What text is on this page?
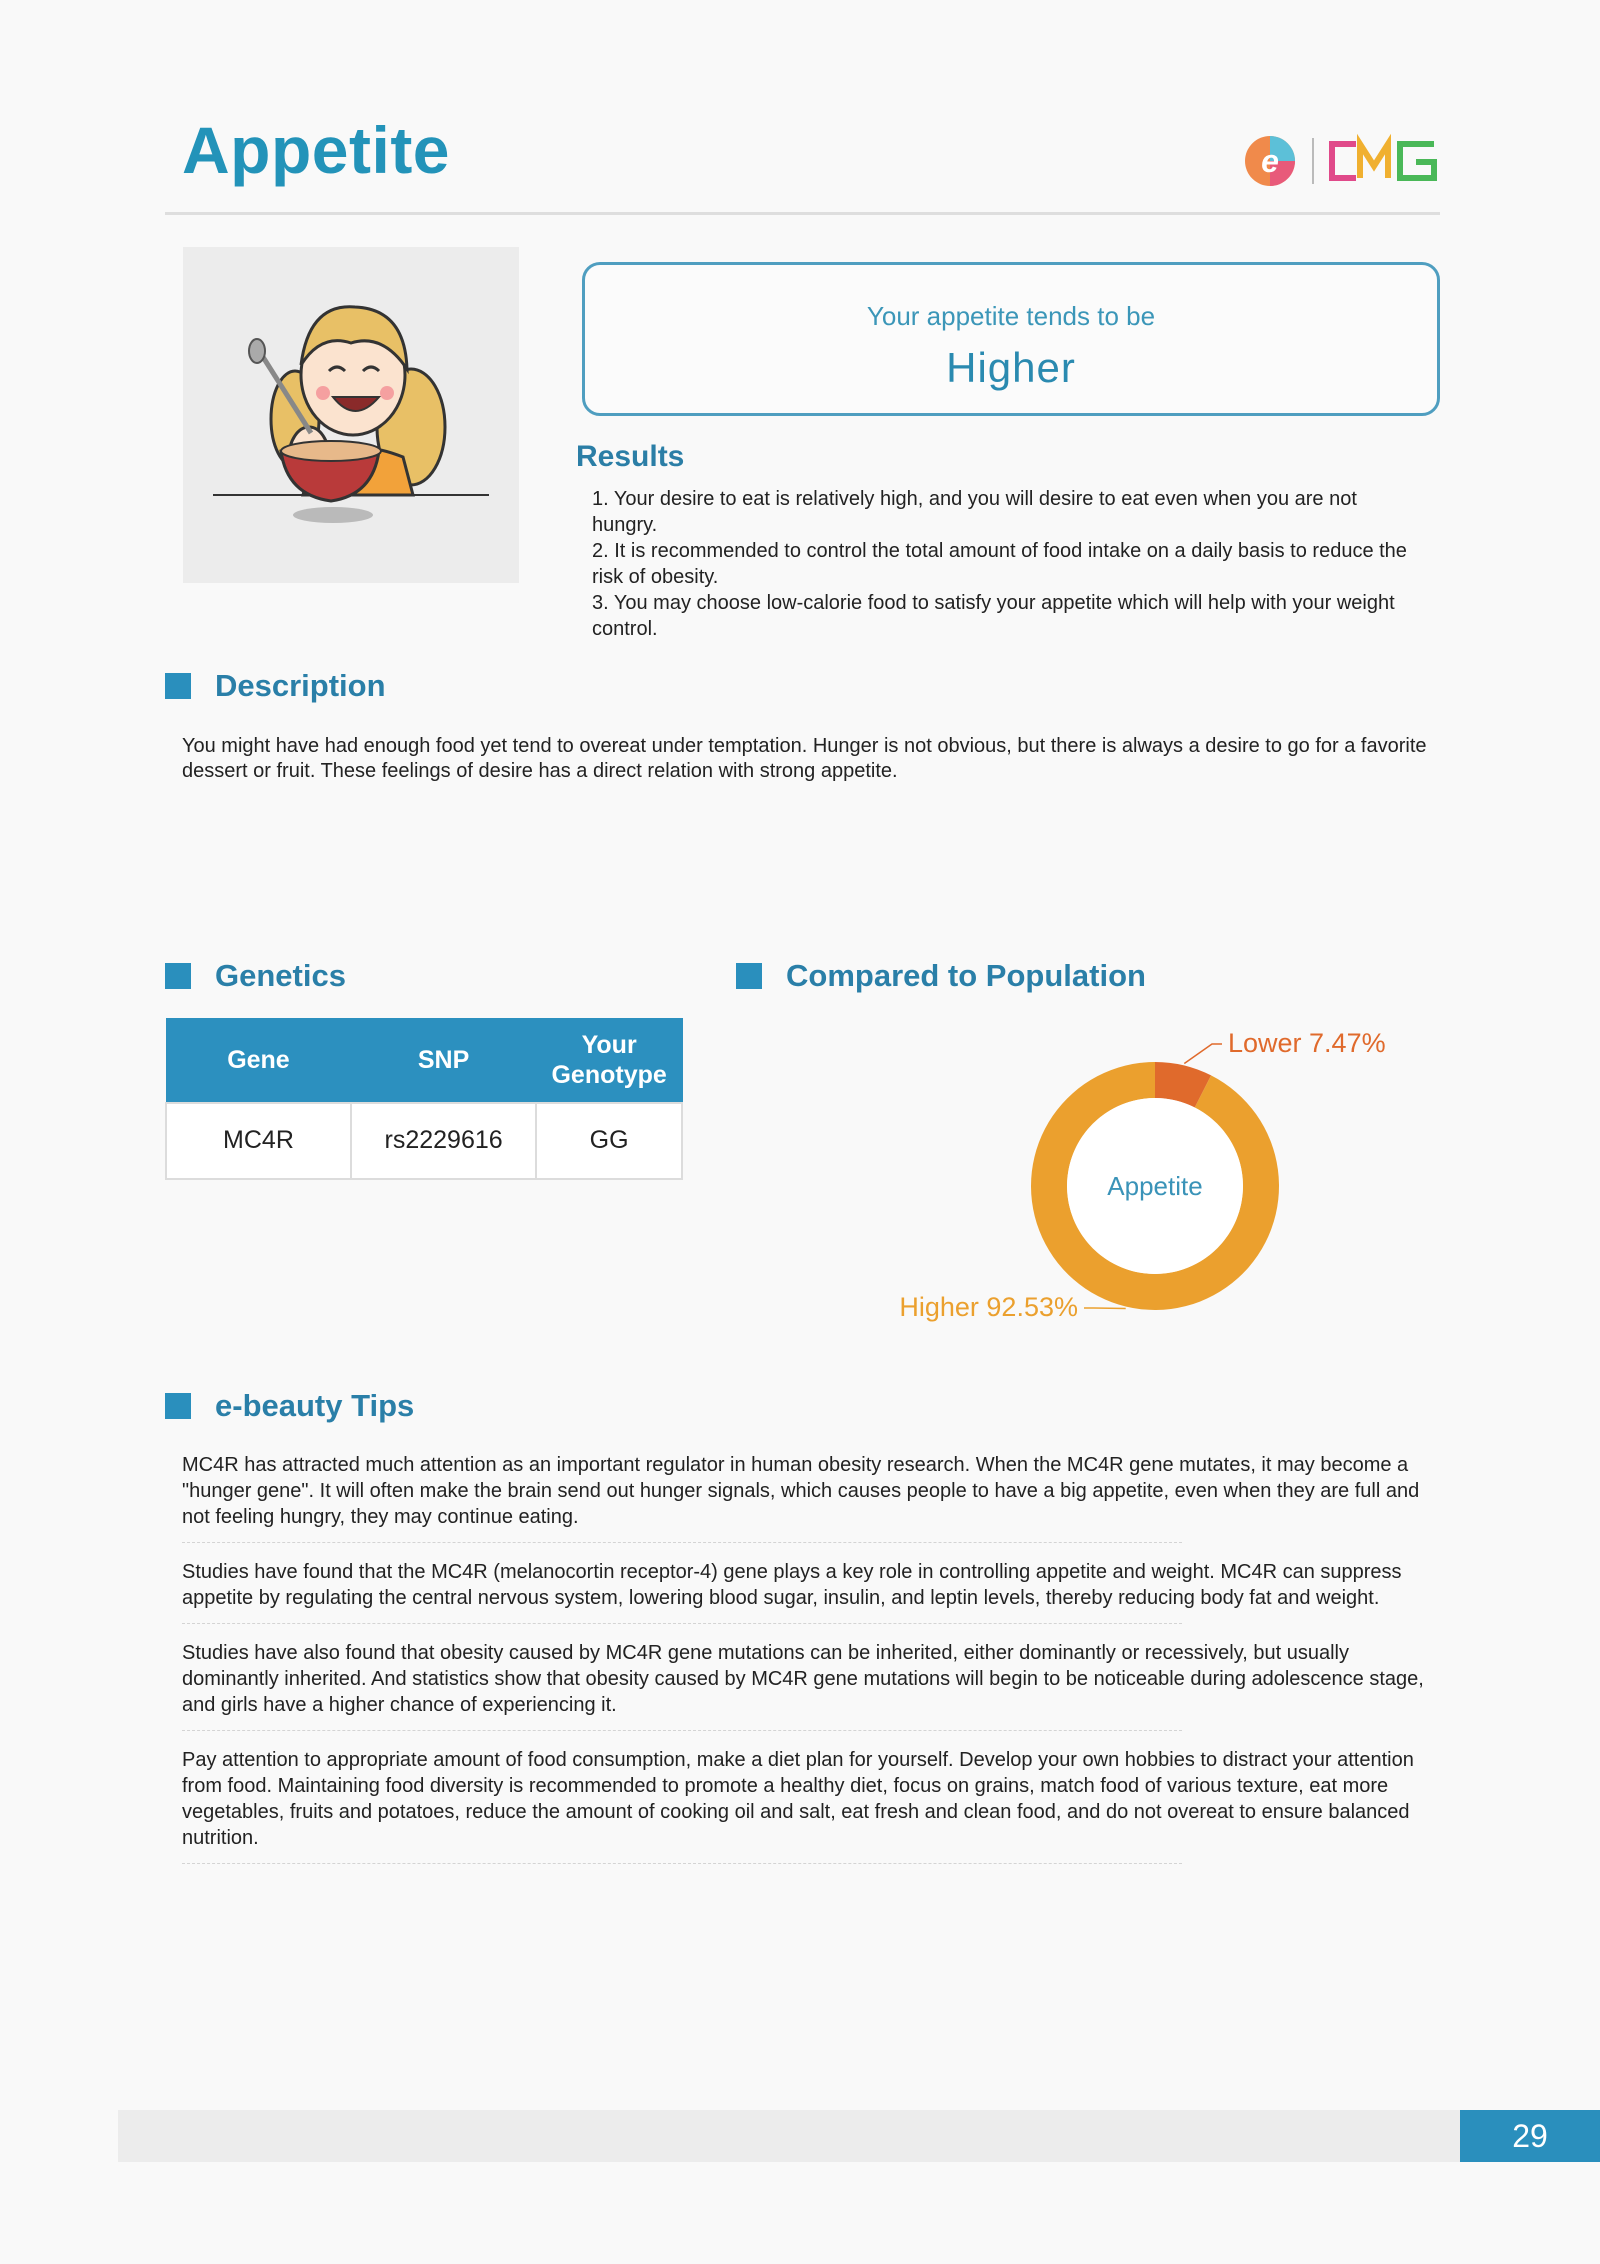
Appetite	e
Your appetite tends to be
Higher
Results
1. Your desire to eat is relatively high, and you will desire to eat even when you are not hungry.
2. It is recommended to control the total amount of food intake on a daily basis to reduce the risk of obesity.
3. You may choose low-calorie food to satisfy your appetite which will help with your weight control.
Description
You might have had enough food yet tend to overeat under temptation. Hunger is not obvious, but there is always a desire to go for a favorite dessert or fruit. These feelings of desire has a direct relation with strong appetite.
Genetics
Gene	SNP	Your Genotype
MC4R	rs2229616	GG
Compared to Population
Appetite
Lower 7.47%
Higher 92.53%
e-beauty Tips
MC4R has attracted much attention as an important regulator in human obesity research. When the MC4R gene mutates, it may become a "hunger gene". It will often make the brain send out hunger signals, which causes people to have a big appetite, even when they are full and not feeling hungry, they may continue eating.
Studies have found that the MC4R (melanocortin receptor-4) gene plays a key role in controlling appetite and weight. MC4R can suppress appetite by regulating the central nervous system, lowering blood sugar, insulin, and leptin levels, thereby reducing body fat and weight.
Studies have also found that obesity caused by MC4R gene mutations can be inherited, either dominantly or recessively, but usually dominantly inherited. And statistics show that obesity caused by MC4R gene mutations will begin to be noticeable during adolescence stage, and girls have a higher chance of experiencing it.
Pay attention to appropriate amount of food consumption, make a diet plan for yourself. Develop your own hobbies to distract your attention from food. Maintaining food diversity is recommended to promote a healthy diet, focus on grains, match food of various texture, eat more vegetables, fruits and potatoes, reduce the amount of cooking oil and salt, eat fresh and clean food, and do not overeat to ensure balanced nutrition.
29
